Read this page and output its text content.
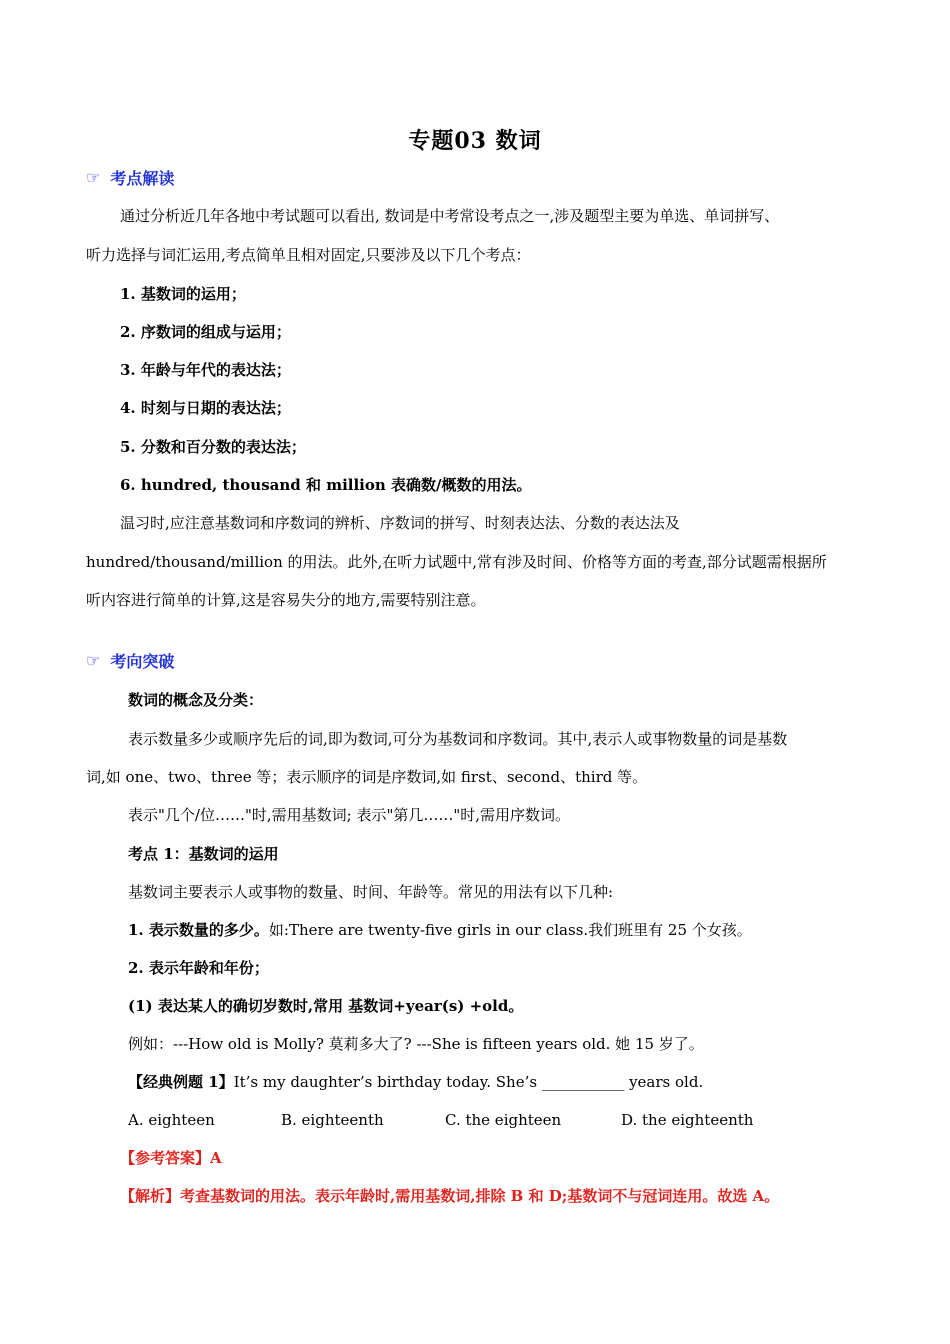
专题03 数词
☞ 考点解读
通过分析近几年各地中考试题可以看出, 数词是中考常设考点之一,涉及题型主要为单选、单词拼写、
听力选择与词汇运用,考点简单且相对固定,只要涉及以下几个考点：
1. 基数词的运用；
2. 序数词的组成与运用；
3. 年龄与年代的表达法；
4. 时刻与日期的表达法；
5. 分数和百分数的表达法；
6. hundred, thousand 和 million 表确数/概数的用法。
温习时,应注意基数词和序数词的辨析、序数词的拼写、时刻表达法、分数的表达法及
hundred/thousand/million 的用法。此外,在听力试题中,常有涉及时间、价格等方面的考查,部分试题需根据所
听内容进行简单的计算,这是容易失分的地方,需要特别注意。
☞ 考向突破
数词的概念及分类：
表示数量多少或顺序先后的词,即为数词,可分为基数词和序数词。其中,表示人或事物数量的词是基数
词,如 one、two、three 等；表示顺序的词是序数词,如 first、second、third 等。
表示"几个/位……"时,需用基数词; 表示"第几……"时,需用序数词。
考点 1：基数词的运用
基数词主要表示人或事物的数量、时间、年龄等。常见的用法有以下几种:
1. 表示数量的多少。如:There are twenty-five girls in our class.我们班里有 25 个女孩。
2. 表示年龄和年份；
(1) 表达某人的确切岁数时,常用 基数词+year(s) +old。
例如：---How old is Molly? 莫莉多大了? ---She is fifteen years old. 她 15 岁了。
【经典例题 1】It’s my daughter’s birthday today. She’s ___________ years old.
A. eighteen	B. eighteenth	C. the eighteen	D. the eighteenth
【参考答案】A
【解析】考查基数词的用法。表示年龄时,需用基数词,排除 B 和 D;基数词不与冠词连用。故选 A。
